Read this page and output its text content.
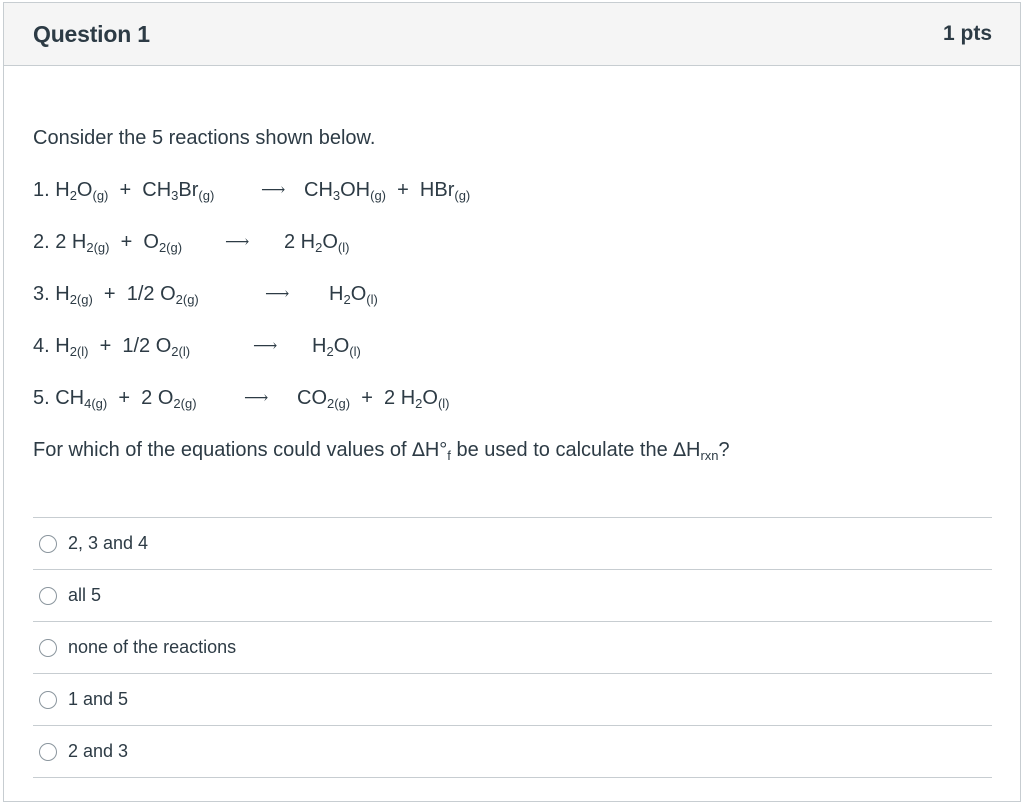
Question 1	1 pts
Consider the 5 reactions shown below.
1. $H_2O_{(g)} + CH_3Br_{(g)}$	⟶ $CH_3OH_{(g)} + HBr_{(g)}$
2. 2 $H_{2(g)} + O_{2(g)}$	⟶ 2 $H_2O_{(l)}$
3. $H_{2(g)} + 1/2$ $O_{2(g)}$	⟶ $H_2O_{(l)}$
4. $H_{2(l)} + 1/2$ $O_{2(l)}$	⟶ $H_2O_{(l)}$
5. $CH_{4(g)} + 2$ $O_{2(g)}$	⟶ $CO_{2(g)} + 2$ $H_2O_{(l)}$
For which of the equations could values of $\Delta H^\circ_f$ be used to calculate the $\Delta H_{rxn}$?
2, 3 and 4
all 5
none of the reactions
1 and 5
2 and 3
